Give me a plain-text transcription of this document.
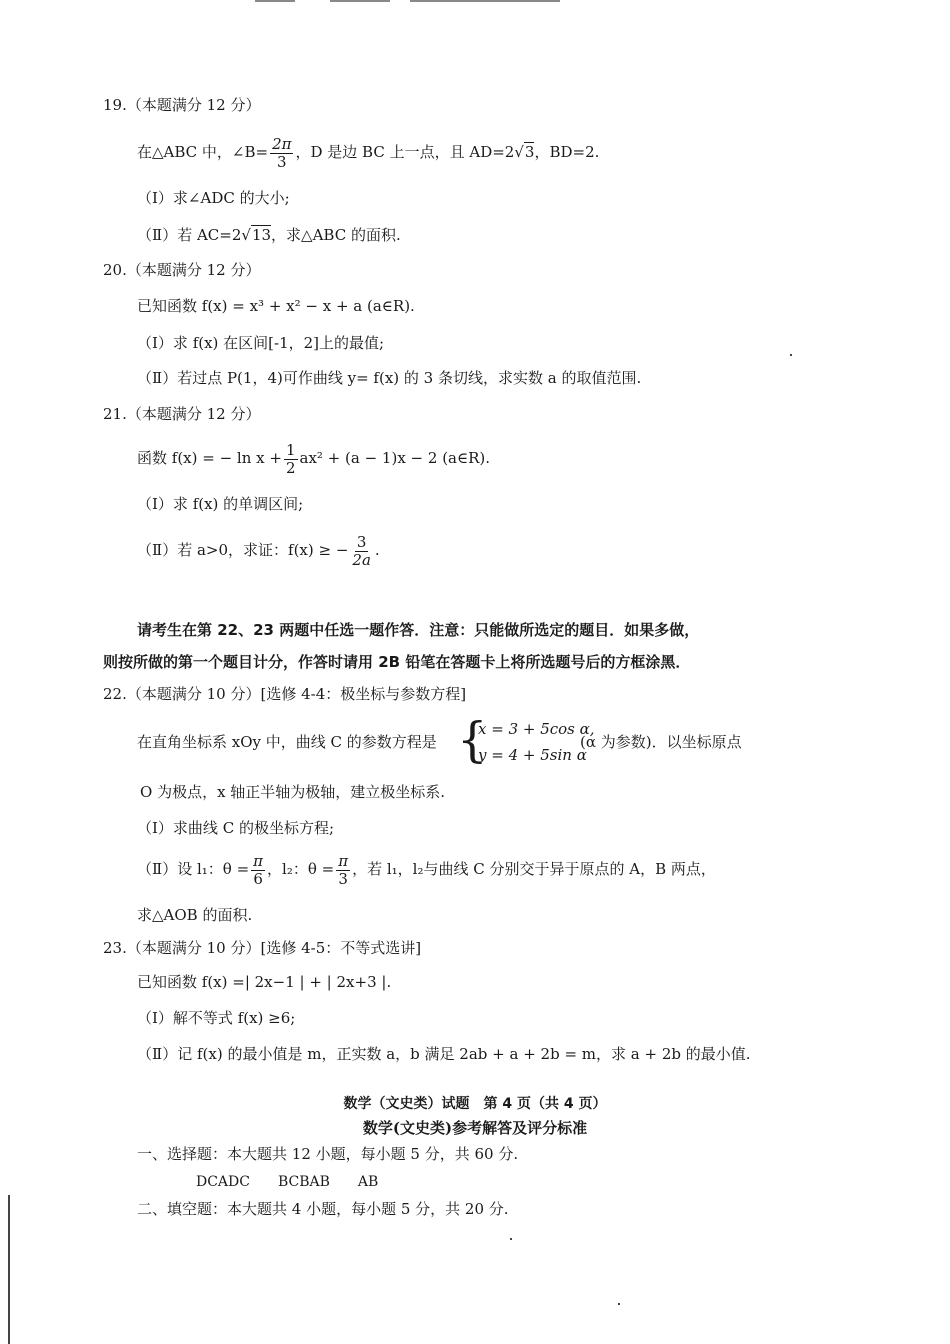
19.（本题满分 12 分）
在△ABC 中，∠B= $\frac{2\pi}{3}$ ，D 是边 BC 上一点，且 AD=2√3，BD=2.
（Ⅰ）求∠ADC 的大小;
（Ⅱ）若 AC=2√13，求△ABC 的面积.
20.（本题满分 12 分）
已知函数 f(x) = x³ + x² − x + a (a∈R).
（Ⅰ）求 f(x) 在区间[-1，2]上的最值;
（Ⅱ）若过点 P(1，4)可作曲线 y= f(x) 的 3 条切线，求实数 a 的取值范围.
21.（本题满分 12 分）
函数 f(x) = − $\ln x + \frac{1}{2} ax^2 + (a - 1)x - 2$ (a∈R).
（Ⅰ）求 f(x) 的单调区间;
（Ⅱ）若 a>0，求证：f(x) ≥ − $\frac{3}{2a}$ .
请考生在第 22、23 两题中任选一题作答．注意：只能做所选定的题目．如果多做，
则按所做的第一个题目计分，作答时请用 2B 铅笔在答题卡上将所选题号后的方框涂黑．
22.（本题满分 10 分）[选修 4-4：极坐标与参数方程]
在直角坐标系 xOy 中，曲线 C 的参数方程是 {
x = 3 + 5cos α,
y = 4 + 5sin α
(α 为参数)．以坐标原点
O 为极点，x 轴正半轴为极轴，建立极坐标系.
（Ⅰ）求曲线 C 的极坐标方程;
（Ⅱ）设 l₁：$\theta = \frac{\pi}{6}$ ，l₂：$\theta = \frac{\pi}{3}$ ，若 l₁，l₂与曲线 C 分别交于异于原点的 A，B 两点，
求△AOB 的面积.
23.（本题满分 10 分）[选修 4-5：不等式选讲]
已知函数 f(x) =| 2x−1 | + | 2x+3 |.
（Ⅰ）解不等式 f(x) ≥6;
（Ⅱ）记 f(x) 的最小值是 m，正实数 a，b 满足 2ab + a + 2b = m，求 a + 2b 的最小值.
数学（文史类）试题　第 4 页（共 4 页）
数学(文史类)参考解答及评分标准
一、选择题：本大题共 12 小题，每小题 5 分，共 60 分.
DCADC　　BCBAB　　AB
二、填空题：本大题共 4 小题，每小题 5 分，共 20 分.
